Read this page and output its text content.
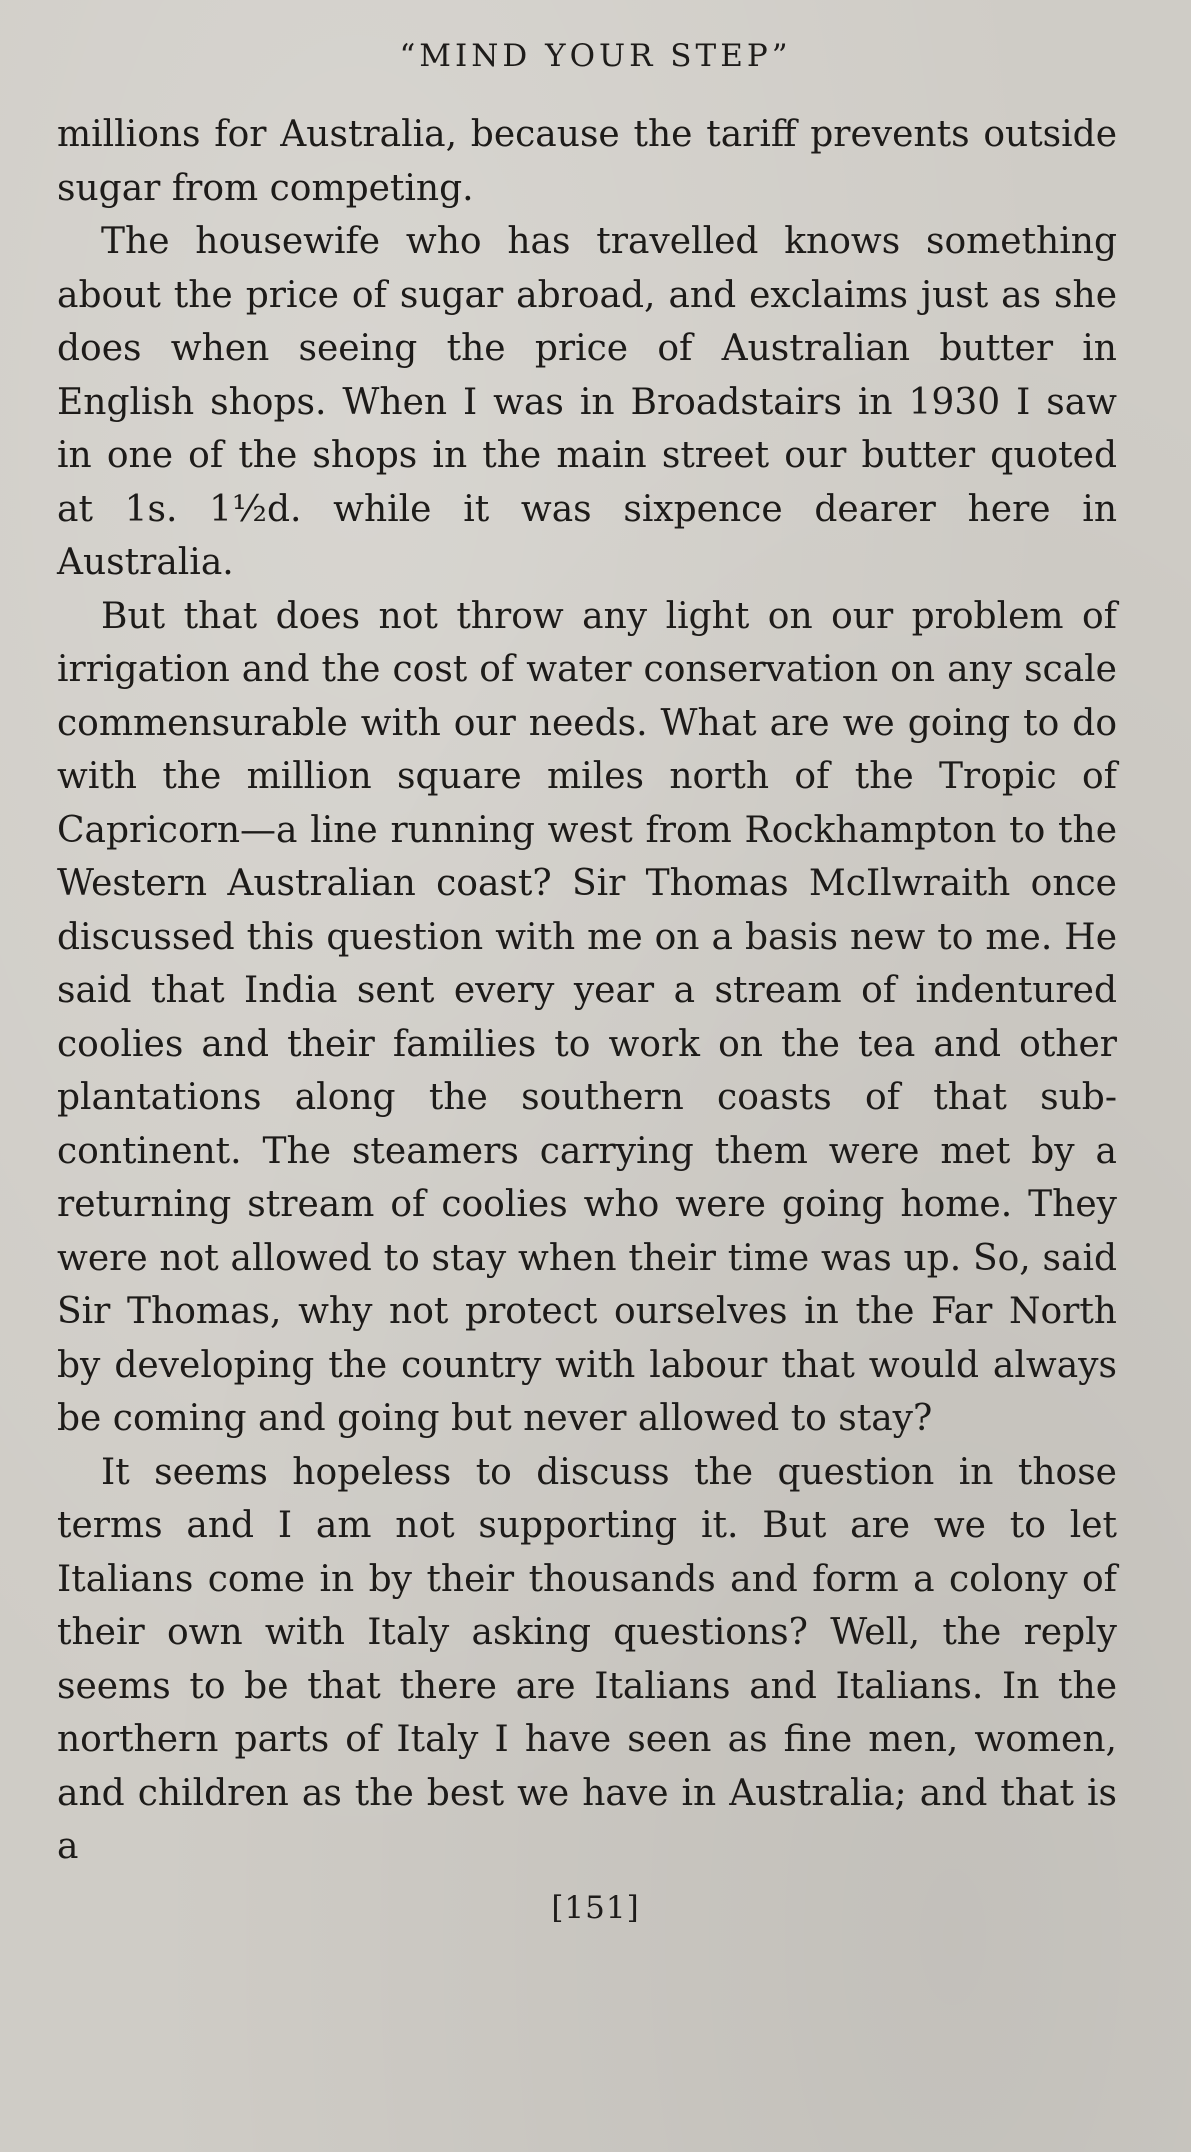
“MIND YOUR STEP”

millions for Australia, because the tariff prevents outside sugar from competing.

The housewife who has travelled knows something about the price of sugar abroad, and exclaims just as she does when seeing the price of Australian butter in English shops. When I was in Broadstairs in 1930 I saw in one of the shops in the main street our butter quoted at 1s. 1½d. while it was sixpence dearer here in Australia.

But that does not throw any light on our problem of irrigation and the cost of water conservation on any scale commensurable with our needs. What are we going to do with the million square miles north of the Tropic of Capricorn—a line running west from Rockhampton to the Western Australian coast? Sir Thomas McIlwraith once discussed this question with me on a basis new to me. He said that India sent every year a stream of indentured coolies and their families to work on the tea and other plantations along the southern coasts of that sub-continent. The steamers carrying them were met by a returning stream of coolies who were going home. They were not allowed to stay when their time was up. So, said Sir Thomas, why not protect ourselves in the Far North by developing the country with labour that would always be coming and going but never allowed to stay?

It seems hopeless to discuss the question in those terms and I am not supporting it. But are we to let Italians come in by their thousands and form a colony of their own with Italy asking questions? Well, the reply seems to be that there are Italians and Italians. In the northern parts of Italy I have seen as fine men, women, and children as the best we have in Australia; and that is a

[151]
